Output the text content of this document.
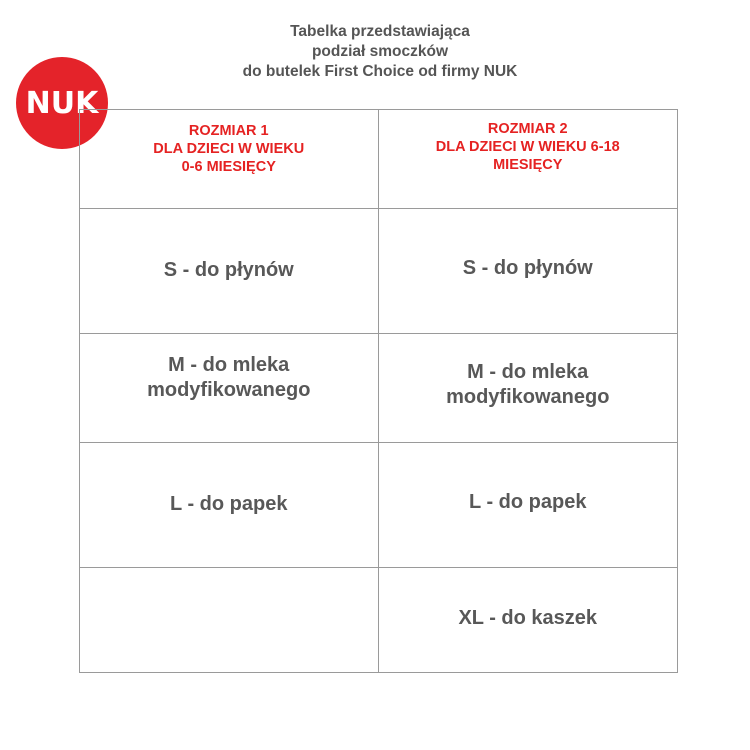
Tabelka przedstawiająca
podział smoczków
do butelek First Choice od firmy NUK
NUK
ROZMIAR 1
DLA DZIECI W WIEKU
0-6 MIESIĘCY
ROZMIAR 2
DLA DZIECI W WIEKU 6-18
MIESIĘCY
S - do płynów	S - do płynów
M - do mleka
modyfikowanego
M - do mleka
modyfikowanego
L - do papek	L - do papek
XL - do kaszek
